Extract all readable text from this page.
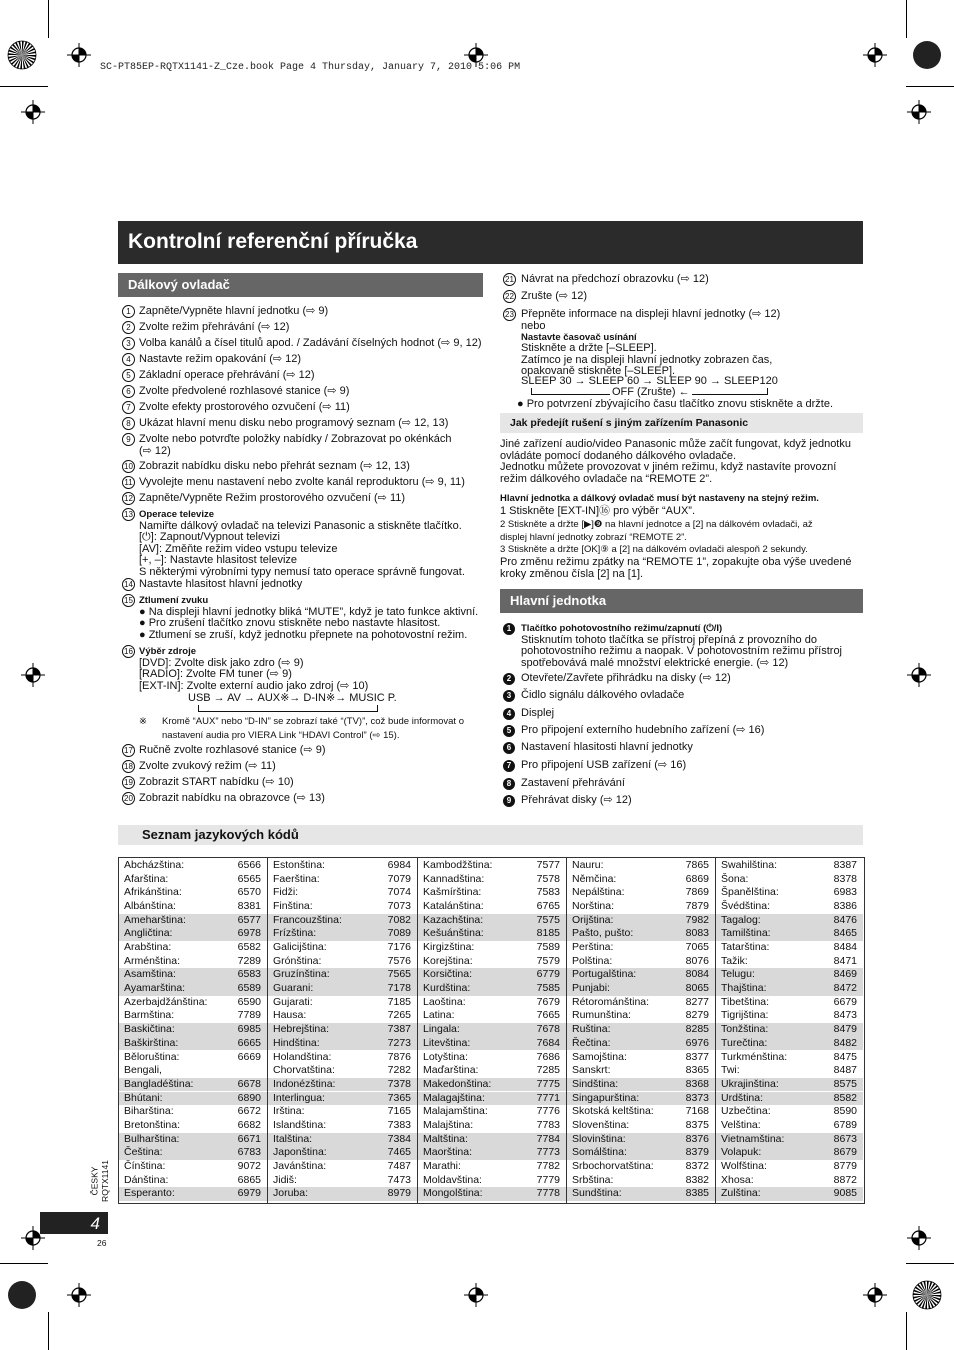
SC-PT85EP-RQTX1141-Z_Cze.book Page 4 Thursday, January 7, 2010 5:06 PM
Kontrolní referenční příručka
Dálkový ovladač
1 Zapněte/Vypněte hlavní jednotku (⇨ 9)
2 Zvolte režim přehrávání (⇨ 12)
3 Volba kanálů a čísel titulů apod. / Zadávání číselných hodnot (⇨ 9, 12)
4 Nastavte režim opakování (⇨ 12)
5 Základní operace přehrávání (⇨ 12)
6 Zvolte předvolené rozhlasové stanice (⇨ 9)
7 Zvolte efekty prostorového ozvučení (⇨ 11)
8 Ukázat hlavní menu disku nebo programový seznam (⇨ 12, 13)
9 Zvolte nebo potvrďte položky nabídky / Zobrazovat po okénkách
(⇨ 12)
10 Zobrazit nabídku disku nebo přehrát seznam (⇨ 12, 13)
11 Vyvolejte menu nastavení nebo zvolte kanál reproduktoru (⇨ 9, 11)
12 Zapněte/Vypněte Režim prostorového ozvučení (⇨ 11)
13 Operace televize
Namiřte dálkový ovladač na televizi Panasonic a stiskněte tlačítko.
[⏻]: Zapnout/Vypnout televizi
[AV]: Změňte režim video vstupu televize
[+, –]: Nastavte hlasitost televize
S některými výrobními typy nemusí tato operace správně fungovat.
14 Nastavte hlasitost hlavní jednotky
15 Ztlumení zvuku
● Na displeji hlavní jednotky bliká “MUTE”, když je tato funkce aktivní.
● Pro zrušení tlačítko znovu stiskněte nebo nastavte hlasitost.
● Ztlumení se zruší, když jednotku přepnete na pohotovostní režim.
16 Výběr zdroje
[DVD]: Zvolte disk jako zdro (⇨ 9)
[RADIO]: Zvolte FM tuner (⇨ 9)
[EXT-IN]: Zvolte externí audio jako zdroj (⇨ 10)
17 Ručně zvolte rozhlasové stanice (⇨ 9)
18 Zvolte zvukový režim (⇨ 11)
19 Zobrazit START nabídku (⇨ 10)
20 Zobrazit nabídku na obrazovce (⇨ 13)
USB → AV → AUX※→ D-IN※→ MUSIC P.
※ Kromě “AUX” nebo “D-IN” se zobrazí také “(TV)”, což bude informovat o
nastavení audia pro VIERA Link “HDAVI Control” (⇨ 15).
21 Návrat na předchozí obrazovku (⇨ 12)
22 Zrušte (⇨ 12)
23 Přepněte informace na displeji hlavní jednotky (⇨ 12)
nebo
Nastavte časovač usínání
Stiskněte a držte [–SLEEP].
Zatímco je na displeji hlavní jednotky zobrazen čas,
opakovaně stiskněte [–SLEEP].
SLEEP 30 → SLEEP 60 → SLEEP 90 → SLEEP120
OFF (Zrušte) ←
● Pro potvrzení zbývajícího času tlačítko znovu stiskněte a držte.
Jak předejít rušení s jiným zařízením Panasonic
Jiné zařízení audio/video Panasonic může začít fungovat, když jednotku
ovládáte pomocí dodaného dálkového ovladače.
Jednotku můžete provozovat v jiném režimu, když nastavíte provozní
režim dálkového ovladače na “REMOTE 2”.
Hlavní jednotka a dálkový ovladač musí být nastaveny na stejný režim.
1 Stiskněte [EXT-IN]⑯ pro výběr “AUX”.
2 Stiskněte a držte [▶]❾ na hlavní jednotce a [2] na dálkovém ovladači, až
displej hlavní jednotky zobrazí “REMOTE 2”.
3 Stiskněte a držte [OK]⑨ a [2] na dálkovém ovladači alespoň 2 sekundy.
Pro změnu režimu zpátky na “REMOTE 1”, zopakujte oba výše uvedené
kroky změnou čísla [2] na [1].
Hlavní jednotka
1	Tlačítko pohotovostního režimu/zapnutí (⏻/I)
Stisknutím tohoto tlačítka se přístroj přepíná z provozního do
pohotovostního režimu a naopak. V pohotovostním režimu přístroj
spotřebovává malé množství elektrické energie. (⇨ 12)
2 Otevřete/Zavřete přihrádku na disky (⇨ 12)
3 Čidlo signálu dálkového ovladače
4 Displej
5 Pro připojení externího hudebního zařízení (⇨ 16)
6 Nastavení hlasitosti hlavní jednotky
7 Pro připojení USB zařízení (⇨ 16)
8 Zastavení přehrávání
9 Přehrávat disky (⇨ 12)
Seznam jazykových kódů
Abcházština:	6566
Afarština:	6565
Afrikánština:	6570
Albánština:	8381
Ameharština:	6577
Angličtina:	6978
Arabština:	6582
Arménština:	7289
Asamština:	6583
Ayamarština:	6589
Azerbajdžánština:	6590
Barmština:	7789
Baskičtina:	6985
Baškirština:	6665
Běloruština:	6669
Bengali,
Bangladéština:	6678
Bhútani:	6890
Biharština:	6672
Bretonština:	6682
Bulharština:	6671
Čeština:	6783
Čínština:	9072
Dánština:	6865
Esperanto:	6979
Estonština:	6984
Faerština:	7079
Fidži:	7074
Finština:	7073
Francouzština:	7082
Frízština:	7089
Galicijština:	7176
Grónština:	7576
Gruzínština:	7565
Guarani:	7178
Gujarati:	7185
Hausa:	7265
Hebrejština:	7387
Hindština:	7273
Holandština:	7876
Chorvatština:	7282
Indonézština:	7378
Interlingua:	7365
Irština:	7165
Islandština:	7383
Italština:	7384
Japonština:	7465
Javánština:	7487
Jidiš:	7473
Joruba:	8979
Kambodžština:	7577
Kannadština:	7578
Kašmírština:	7583
Katalánština:	6765
Kazachština:	7575
Kešuánština:	8185
Kirgizština:	7589
Korejština:	7579
Korsičtina:	6779
Kurdština:	7585
Laoština:	7679
Latina:	7665
Lingala:	7678
Litevština:	7684
Lotyština:	7686
Maďarština:	7285
Makedonština:	7775
Malagajština:	7771
Malajamština:	7776
Malajština:	7783
Maltština:	7784
Maorština:	7773
Marathi:	7782
Moldavština:	7779
Mongolština:	7778
Nauru:	7865
Němčina:	6869
Nepálština:	7869
Norština:	7879
Orijština:	7982
Pašto, pušto:	8083
Perština:	7065
Polština:	8076
Portugalština:	8084
Punjabi:	8065
Rétorománština:	8277
Rumunština:	8279
Ruština:	8285
Řečtina:	6976
Samojština:	8377
Sanskrt:	8365
Sindština:	8368
Singapurština:	8373
Skotská keltština:	7168
Slovenština:	8375
Slovinština:	8376
Somálština:	8379
Srbochorvatština:	8372
Srbština:	8382
Sundština:	8385
Swahilština:	8387
Šona:	8378
Španělština:	6983
Švédština:	8386
Tagalog:	8476
Tamilština:	8465
Tatarština:	8484
Tažik:	8471
Telugu:	8469
Thajština:	8472
Tibetština:	6679
Tigrijština:	8473
Tonžština:	8479
Turečtina:	8482
Turkménština:	8475
Twi:	8487
Ukrajinština:	8575
Urdština:	8582
Uzbečtina:	8590
Velština:	6789
Vietnamština:	8673
Volapuk:	8679
Wolfština:	8779
Xhosa:	8872
Zulština:	9085
ČESKY RQTX1141
4
26
